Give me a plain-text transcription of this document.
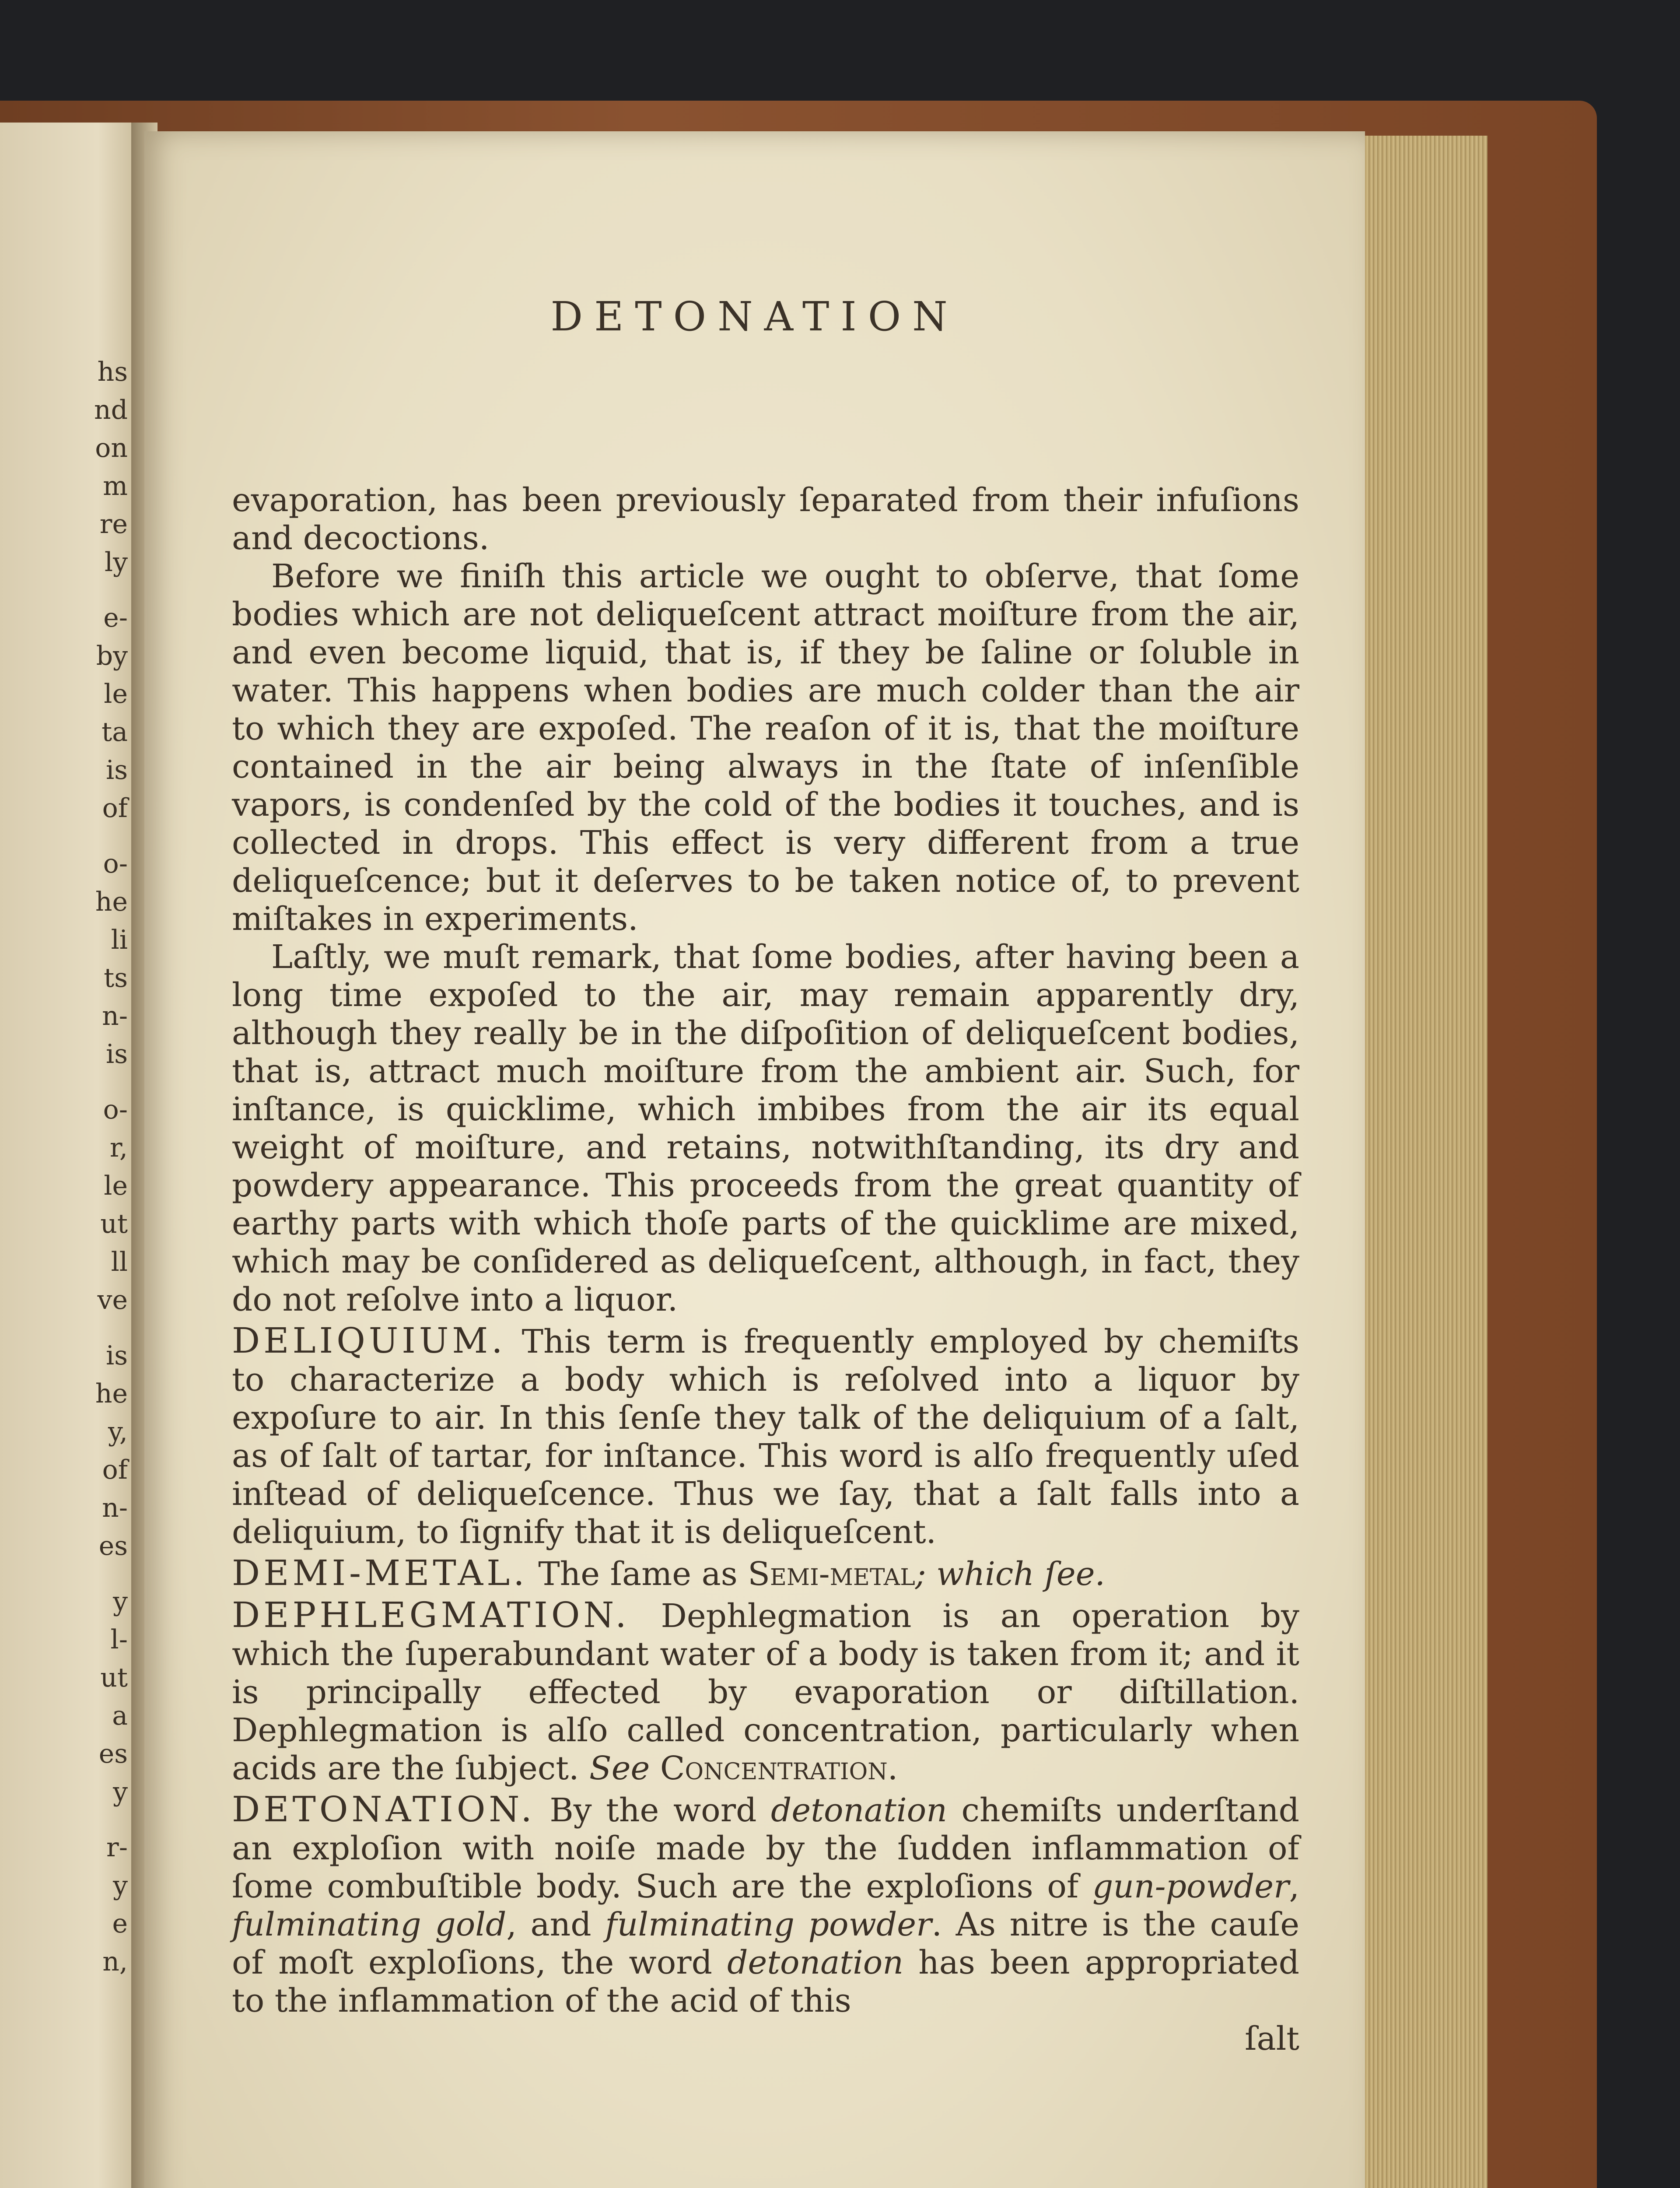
hs
nd
on
m
re
ly
e-
by
le
ta
is
of
o-
he
li
ts
n-
is
o-
r,
le
ut
ll
ve
is
he
y,
of
n-
es
y
l-
ut
a
es
y
r-
y
e
n,
DETONATION

evaporation, has been previously ſeparated from their infuſions and decoctions.

Before we finiſh this article we ought to obſerve, that ſome bodies which are not deliqueſcent attract moiſture from the air, and even become liquid, that is, if they be ſaline or ſoluble in water. This happens when bodies are much colder than the air to which they are expoſed. The reaſon of it is, that the moiſture contained in the air being always in the ſtate of inſenſible vapors, is condenſed by the cold of the bodies it touches, and is collected in drops. This effect is very different from a true deliqueſcence; but it deſerves to be taken notice of, to prevent miſtakes in experiments.

Laſtly, we muſt remark, that ſome bodies, after having been a long time expoſed to the air, may remain apparently dry, although they really be in the diſpoſition of deliqueſcent bodies, that is, attract much moiſture from the ambient air. Such, for inſtance, is quicklime, which imbibes from the air its equal weight of moiſture, and retains, notwithſtanding, its dry and powdery appearance. This proceeds from the great quantity of earthy parts with which thoſe parts of the quicklime are mixed, which may be conſidered as deliqueſcent, although, in fact, they do not reſolve into a liquor.

DELIQUIUM. This term is frequently employed by chemiſts to characterize a body which is reſolved into a liquor by expoſure to air. In this ſenſe they talk of the deliquium of a ſalt, as of ſalt of tartar, for inſtance. This word is alſo frequently uſed inſtead of deliqueſcence. Thus we ſay, that a ſalt falls into a deliquium, to ſignify that it is deliqueſcent.

DEMI-METAL. The ſame as Semi-metal; which ſee.

DEPHLEGMATION. Dephlegmation is an operation by which the ſuperabundant water of a body is taken from it; and it is principally effected by evaporation or diſtillation. Dephlegmation is alſo called concentration, particularly when acids are the ſubject. See Concentration.

DETONATION. By the word detonation chemiſts underſtand an exploſion with noiſe made by the ſudden inflammation of ſome combuſtible body. Such are the exploſions of gun-powder, fulminating gold, and fulminating powder. As nitre is the cauſe of moſt exploſions, the word detonation has been appropriated to the inflammation of the acid of this

ſalt
